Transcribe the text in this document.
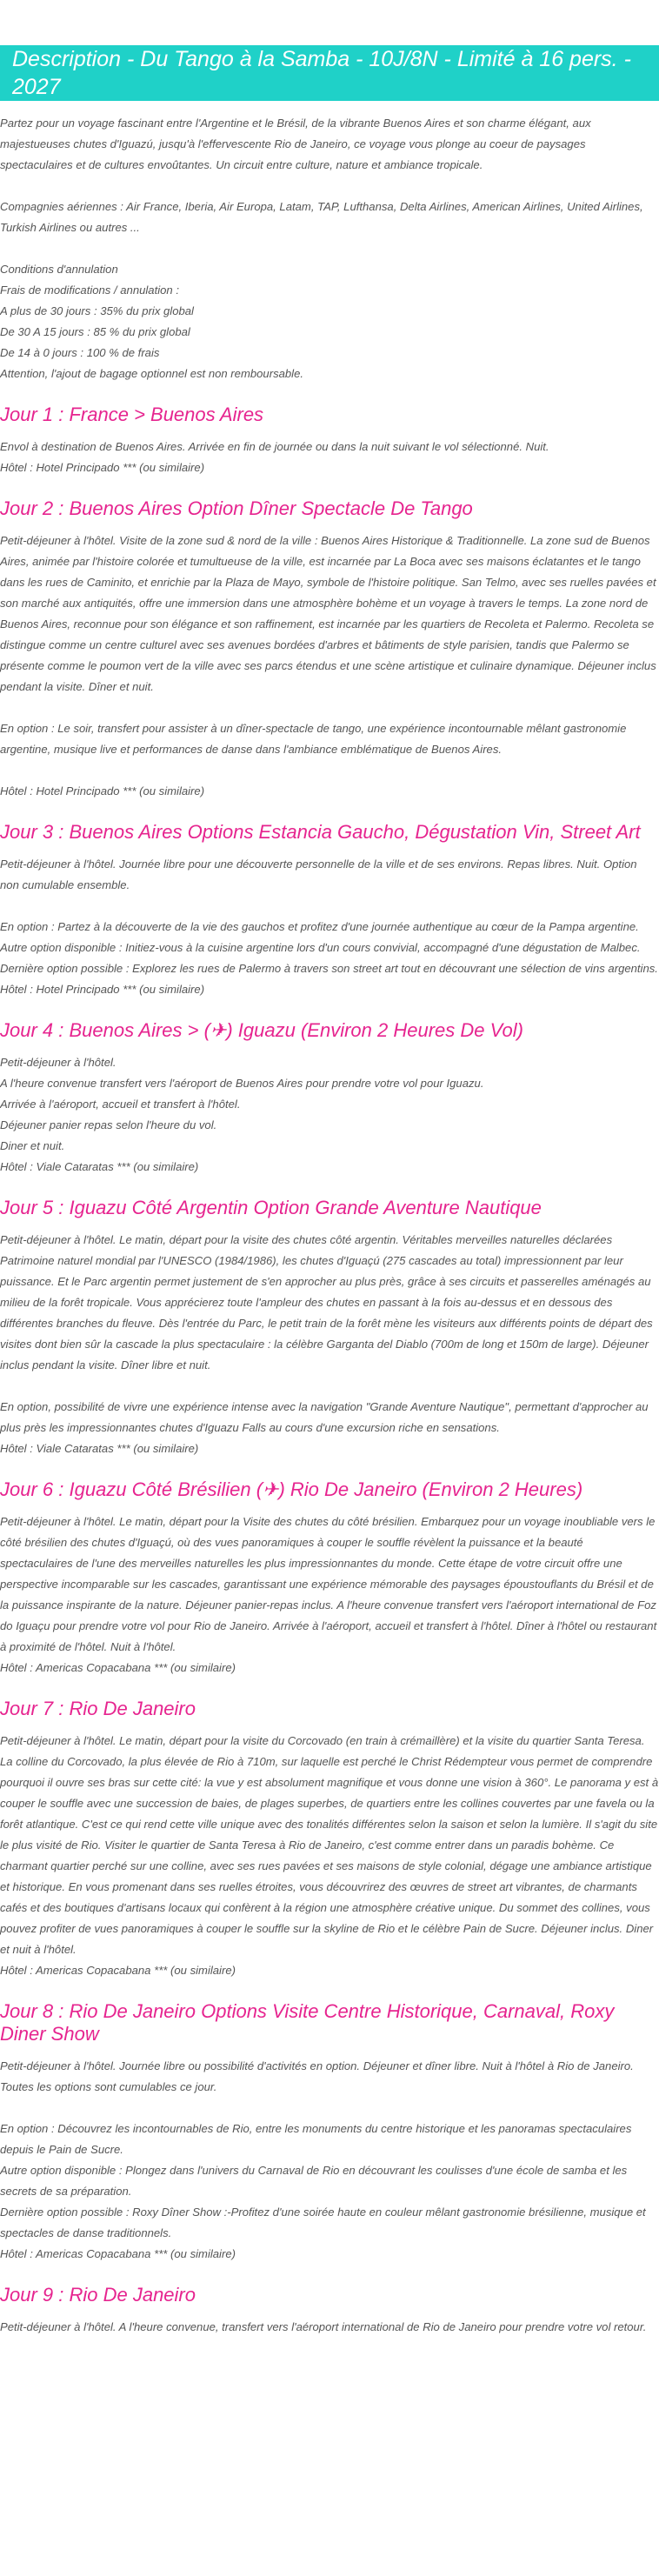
Description - Du Tango à la Samba - 10J/8N - Limité à 16 pers. - 2027

Partez pour un voyage fascinant entre l'Argentine et le Brésil, de la vibrante Buenos Aires et son charme élégant, aux majestueuses chutes d'Iguazú, jusqu'à l'effervescente Rio de Janeiro, ce voyage vous plonge au coeur de paysages spectaculaires et de cultures envoûtantes. Un circuit entre culture, nature et ambiance tropicale.

Compagnies aériennes : Air France, Iberia, Air Europa, Latam, TAP, Lufthansa, Delta Airlines, American Airlines, United Airlines, Turkish Airlines ou autres ...

Conditions d'annulation
Frais de modifications / annulation :
A plus de 30 jours : 35% du prix global
De 30 A 15 jours : 85 % du prix global
De 14 à 0 jours : 100 % de frais
Attention, l'ajout de bagage optionnel est non remboursable.

Jour 1 : France > Buenos Aires

Envol à destination de Buenos Aires. Arrivée en fin de journée ou dans la nuit suivant le vol sélectionné. Nuit.
Hôtel : Hotel Principado *** (ou similaire)

Jour 2 : Buenos Aires Option Dîner Spectacle De Tango

Petit-déjeuner à l'hôtel. Visite de la zone sud & nord de la ville : Buenos Aires Historique & Traditionnelle. La zone sud de Buenos Aires, animée par l'histoire colorée et tumultueuse de la ville, est incarnée par La Boca avec ses maisons éclatantes et le tango dans les rues de Caminito, et enrichie par la Plaza de Mayo, symbole de l'histoire politique. San Telmo, avec ses ruelles pavées et son marché aux antiquités, offre une immersion dans une atmosphère bohème et un voyage à travers le temps. La zone nord de Buenos Aires, reconnue pour son élégance et son raffinement, est incarnée par les quartiers de Recoleta et Palermo. Recoleta se distingue comme un centre culturel avec ses avenues bordées d'arbres et bâtiments de style parisien, tandis que Palermo se présente comme le poumon vert de la ville avec ses parcs étendus et une scène artistique et culinaire dynamique. Déjeuner inclus pendant la visite. Dîner et nuit.

En option : Le soir, transfert pour assister à un dîner-spectacle de tango, une expérience incontournable mêlant gastronomie argentine, musique live et performances de danse dans l'ambiance emblématique de Buenos Aires.

Hôtel : Hotel Principado *** (ou similaire)

Jour 3 : Buenos Aires Options Estancia Gaucho, Dégustation Vin, Street Art

Petit-déjeuner à l'hôtel. Journée libre pour une découverte personnelle de la ville et de ses environs. Repas libres. Nuit. Option non cumulable ensemble.

En option : Partez à la découverte de la vie des gauchos et profitez d'une journée authentique au cœur de la Pampa argentine.
Autre option disponible : Initiez-vous à la cuisine argentine lors d'un cours convivial, accompagné d'une dégustation de Malbec.
Dernière option possible : Explorez les rues de Palermo à travers son street art tout en découvrant une sélection de vins argentins.
Hôtel : Hotel Principado *** (ou similaire)

Jour 4 : Buenos Aires > (✈) Iguazu (Environ 2 Heures De Vol)

Petit-déjeuner à l'hôtel.
A l'heure convenue transfert vers l'aéroport de Buenos Aires pour prendre votre vol pour Iguazu.
Arrivée à l'aéroport, accueil et transfert à l'hôtel.
Déjeuner panier repas selon l'heure du vol.
Diner et nuit.
Hôtel : Viale Cataratas *** (ou similaire)

Jour 5 : Iguazu Côté Argentin Option Grande Aventure Nautique

Petit-déjeuner à l'hôtel. Le matin, départ pour la visite des chutes côté argentin. Véritables merveilles naturelles déclarées Patrimoine naturel mondial par l'UNESCO (1984/1986), les chutes d'Iguaçú (275 cascades au total) impressionnent par leur puissance. Et le Parc argentin permet justement de s'en approcher au plus près, grâce à ses circuits et passerelles aménagés au milieu de la forêt tropicale. Vous apprécierez toute l'ampleur des chutes en passant à la fois au-dessus et en dessous des différentes branches du fleuve. Dès l'entrée du Parc, le petit train de la forêt mène les visiteurs aux différents points de départ des visites dont bien sûr la cascade la plus spectaculaire : la célèbre Garganta del Diablo (700m de long et 150m de large). Déjeuner inclus pendant la visite. Dîner libre et nuit.

En option, possibilité de vivre une expérience intense avec la navigation "Grande Aventure Nautique", permettant d'approcher au plus près les impressionnantes chutes d'Iguazu Falls au cours d'une excursion riche en sensations.
Hôtel : Viale Cataratas *** (ou similaire)

Jour 6 : Iguazu Côté Brésilien (✈) Rio De Janeiro (Environ 2 Heures)

Petit-déjeuner à l'hôtel. Le matin, départ pour la Visite des chutes du côté brésilien. Embarquez pour un voyage inoubliable vers le côté brésilien des chutes d'Iguaçú, où des vues panoramiques à couper le souffle révèlent la puissance et la beauté spectaculaires de l'une des merveilles naturelles les plus impressionnantes du monde. Cette étape de votre circuit offre une perspective incomparable sur les cascades, garantissant une expérience mémorable des paysages époustouflants du Brésil et de la puissance inspirante de la nature. Déjeuner panier-repas inclus. A l'heure convenue transfert vers l'aéroport international de Foz do Iguaçu pour prendre votre vol pour Rio de Janeiro. Arrivée à l'aéroport, accueil et transfert à l'hôtel. Dîner à l'hôtel ou restaurant à proximité de l'hôtel. Nuit à l'hôtel.
Hôtel : Americas Copacabana *** (ou similaire)

Jour 7 : Rio De Janeiro

Petit-déjeuner à l'hôtel. Le matin, départ pour la visite du Corcovado (en train à crémaillère) et la visite du quartier Santa Teresa. La colline du Corcovado, la plus élevée de Rio à 710m, sur laquelle est perché le Christ Rédempteur vous permet de comprendre pourquoi il ouvre ses bras sur cette cité: la vue y est absolument magnifique et vous donne une vision à 360°. Le panorama y est à couper le souffle avec une succession de baies, de plages superbes, de quartiers entre les collines couvertes par une favela ou la forêt atlantique. C'est ce qui rend cette ville unique avec des tonalités différentes selon la saison et selon la lumière. Il s'agit du site le plus visité de Rio. Visiter le quartier de Santa Teresa à Rio de Janeiro, c'est comme entrer dans un paradis bohème. Ce charmant quartier perché sur une colline, avec ses rues pavées et ses maisons de style colonial, dégage une ambiance artistique et historique. En vous promenant dans ses ruelles étroites, vous découvrirez des œuvres de street art vibrantes, de charmants cafés et des boutiques d'artisans locaux qui confèrent à la région une atmosphère créative unique. Du sommet des collines, vous pouvez profiter de vues panoramiques à couper le souffle sur la skyline de Rio et le célèbre Pain de Sucre. Déjeuner inclus. Diner et nuit à l'hôtel.
Hôtel : Americas Copacabana *** (ou similaire)

Jour 8 : Rio De Janeiro Options Visite Centre Historique, Carnaval, Roxy Diner Show

Petit-déjeuner à l'hôtel. Journée libre ou possibilité d'activités en option. Déjeuner et dîner libre. Nuit à l'hôtel à Rio de Janeiro. Toutes les options sont cumulables ce jour.

En option : Découvrez les incontournables de Rio, entre les monuments du centre historique et les panoramas spectaculaires depuis le Pain de Sucre.
Autre option disponible : Plongez dans l'univers du Carnaval de Rio en découvrant les coulisses d'une école de samba et les secrets de sa préparation.
Dernière option possible : Roxy Dîner Show :-Profitez d'une soirée haute en couleur mêlant gastronomie brésilienne, musique et spectacles de danse traditionnels.
Hôtel : Americas Copacabana *** (ou similaire)

Jour 9 : Rio De Janeiro

Petit-déjeuner à l'hôtel. A l'heure convenue, transfert vers l'aéroport international de Rio de Janeiro pour prendre votre vol retour.
